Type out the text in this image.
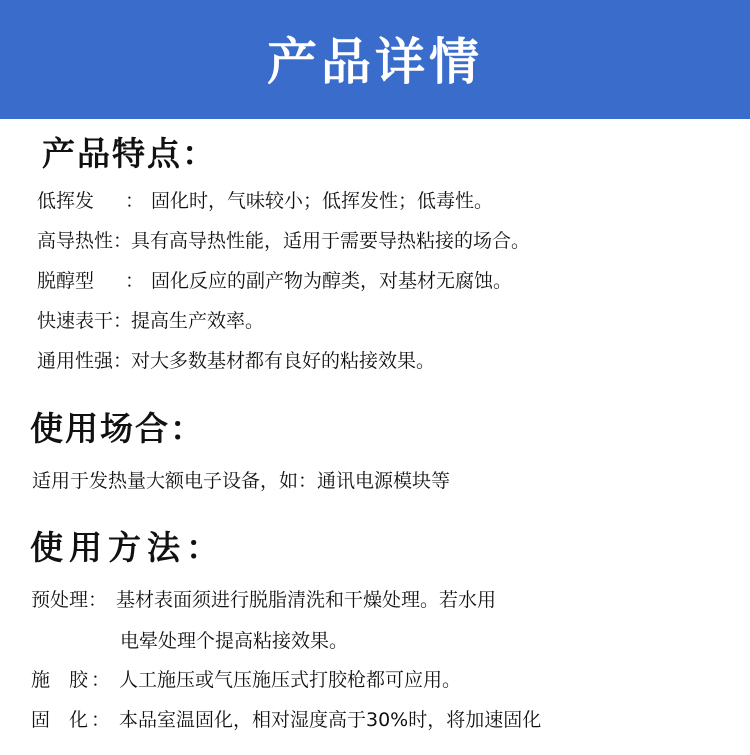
产品详情
产品特点：
低挥发 ： 固化时，气味较小；低挥发性；低毒性。
高导热性：具有高导热性能，适用于需要导热粘接的场合。
脱醇型 ： 固化反应的副产物为醇类，对基材无腐蚀。
快速表干：提高生产效率。
通用性强：对大多数基材都有良好的粘接效果。
使用场合：
适用于发热量大额电子设备，如：通讯电源模块等
使用方法：
预处理： 基材表面须进行脱脂清洗和干燥处理。若水用
电晕处理个提高粘接效果。
施　胶 ： 人工施压或气压施压式打胶枪都可应用。
固　化 ： 本品室温固化，相对湿度高于30%时，将加速固化
